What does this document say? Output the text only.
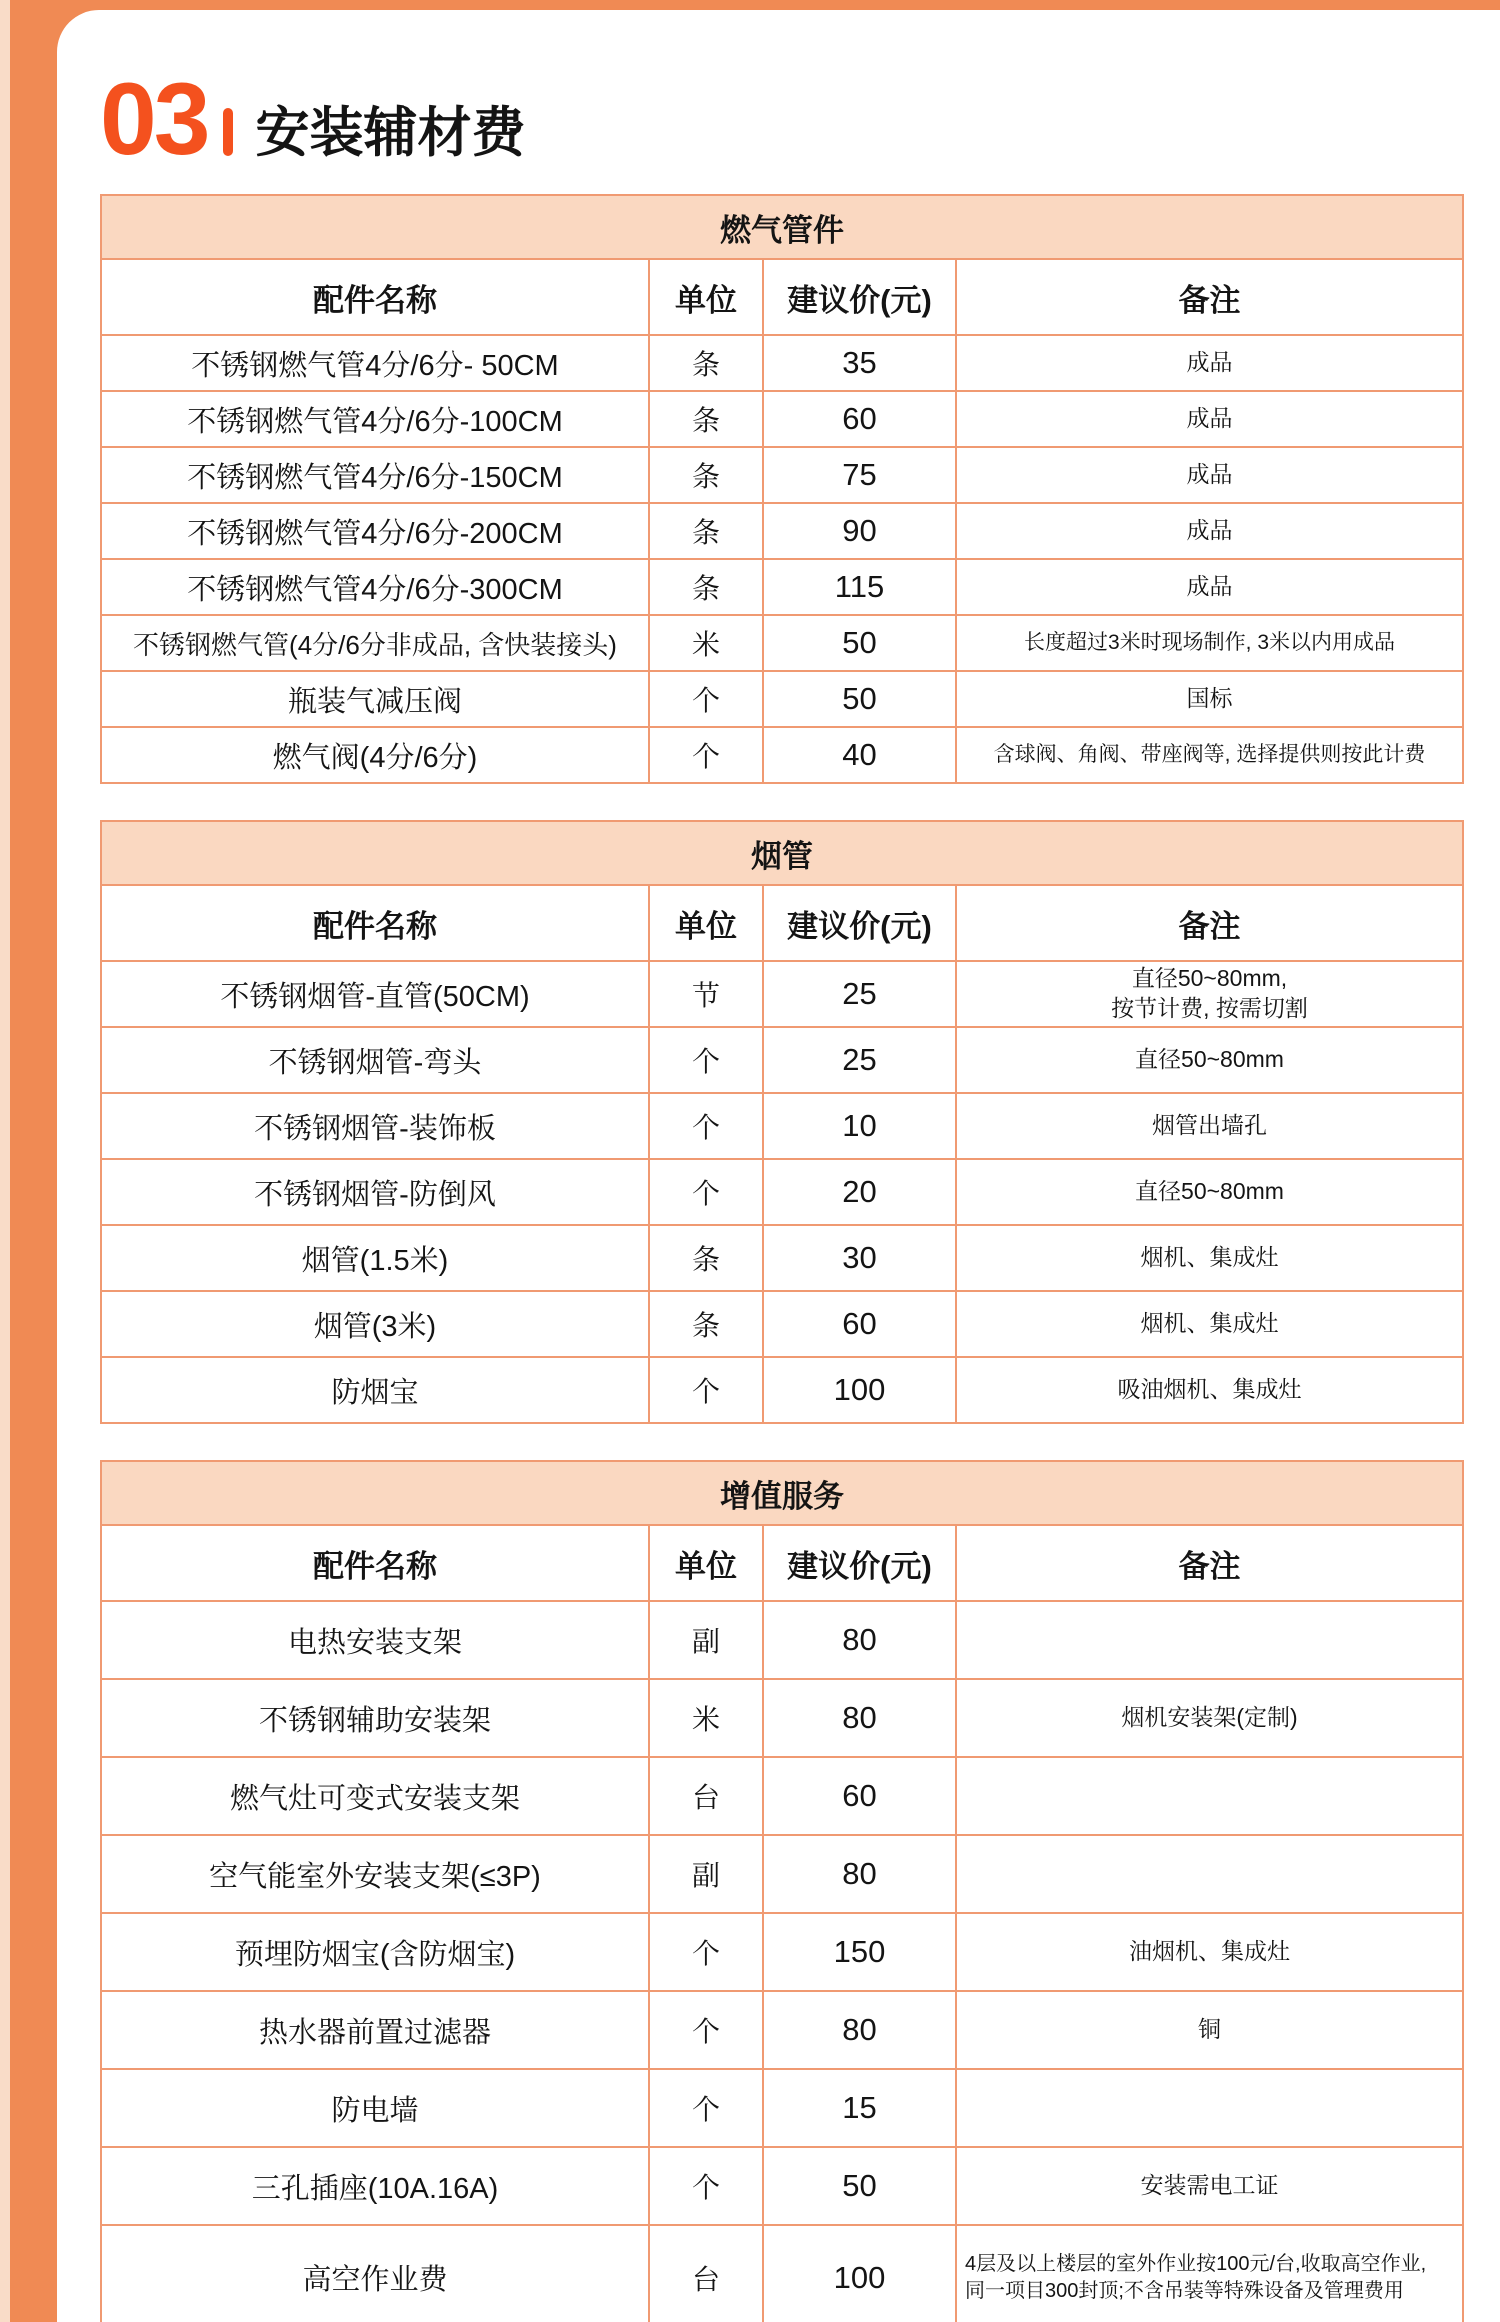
03 安装辅材费
燃气管件			
配件名称	单位	建议价(元)	备注
不锈钢燃气管4分/6分- 50CM	条	35	成品
不锈钢燃气管4分/6分-100CM	条	60	成品
不锈钢燃气管4分/6分-150CM	条	75	成品
不锈钢燃气管4分/6分-200CM	条	90	成品
不锈钢燃气管4分/6分-300CM	条	115	成品
不锈钢燃气管(4分/6分非成品, 含快装接头)	米	50	长度超过3米时现场制作, 3米以内用成品
瓶装气减压阀	个	50	国标
燃气阀(4分/6分)	个	40	含球阀、角阀、带座阀等, 选择提供则按此计费
烟管			
配件名称	单位	建议价(元)	备注
不锈钢烟管-直管(50CM)	节	25	直径50~80mm,
按节计费, 按需切割

不锈钢烟管-弯头	个	25	直径50~80mm
不锈钢烟管-装饰板	个	10	烟管出墙孔
不锈钢烟管-防倒风	个	20	直径50~80mm
烟管(1.5米)	条	30	烟机、集成灶
烟管(3米)	条	60	烟机、集成灶
防烟宝	个	100	吸油烟机、集成灶
增值服务			
配件名称	单位	建议价(元)	备注
电热安装支架	副	80	
不锈钢辅助安装架	米	80	烟机安装架(定制)
燃气灶可变式安装支架	台	60	
空气能室外安装支架(≤3P)	副	80	
预埋防烟宝(含防烟宝)	个	150	油烟机、集成灶
热水器前置过滤器	个	80	铜
防电墙	个	15	
三孔插座(10A.16A)	个	50	安装需电工证
高空作业费	台	100	4层及以上楼层的室外作业按100元/台,收取高空作业,
同一项目300封顶;不含吊装等特殊设备及管理费用
